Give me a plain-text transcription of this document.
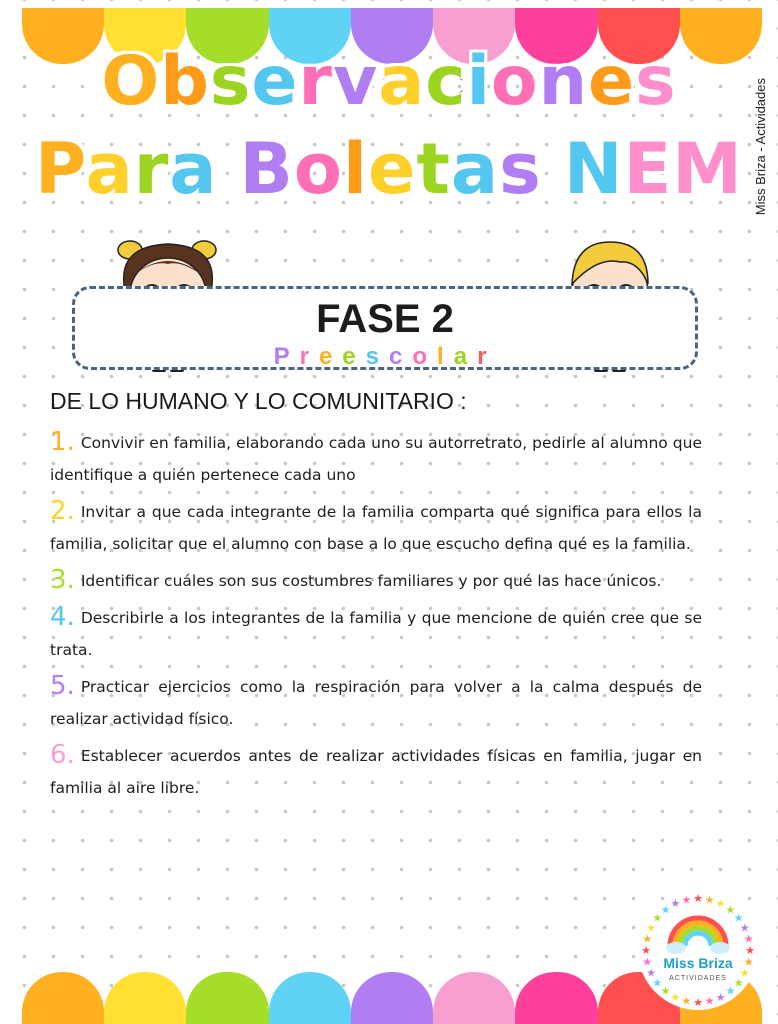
Miss Briza - Actividades
Observaciones
Para Boletas NEM
FASE 2
Preescolar
DE LO HUMANO Y LO COMUNITARIO :
1. Convivir en familia, elaborando cada uno su autorretrato, pedirle al alumno que identifique a quién pertenece cada uno
2. Invitar a que cada integrante de la familia comparta qué significa para ellos la familia, solicitar que el alumno con base a lo que escucho defina qué es la familia.
3. Identificar cuáles son sus costumbres familiares y por qué las hace únicos.
4. Describirle a los integrantes de la familia y que mencione de quién cree que se trata.
5. Practicar ejercicios como la respiración para volver a la calma después de realizar actividad físico.
6. Establecer acuerdos antes de realizar actividades físicas en familia, jugar en familia al aire libre.
★
★
★
★
★
★
★
★
★
★
★
★
★
★
★
★
★
★
★ ★ ★ ★ ★ ★ ★
★
★
★
Miss Briza
ACTIVIDADES
